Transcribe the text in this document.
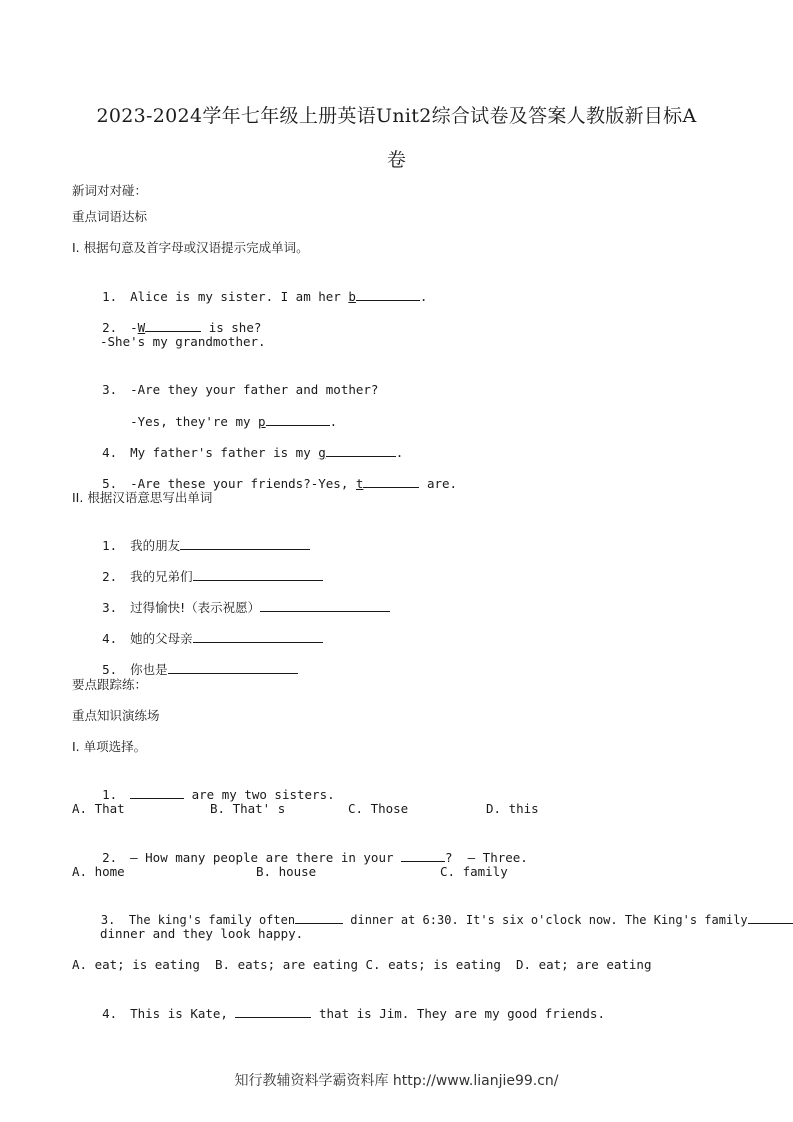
2023-2024学年七年级上册英语Unit2综合试卷及答案人教版新目标A
卷
新词对对碰：
重点词语达标
I. 根据句意及首字母或汉语提示完成单词。

1. Alice is my sister. I am her b	.

2. -W	is she?

-She's my grandmother.

3. -Are they your father and mother?

-Yes, they're my p	.

4. My father's father is my g	.

5. -Are these your friends?-Yes, t	are.

II. 根据汉语意思写出单词

1. 我的朋友

2. 我的兄弟们

3. 过得愉快!（表示祝愿）

4. 她的父母亲

5. 你也是

要点跟踪练：
重点知识演练场
I. 单项选择。

1.	are my two sisters.

A. That	B. That' s	C. Those	D. this

2. — How many people are there in your	?  — Three.

A. home	B. house	C. family

3. The king's family often	dinner at 6:30. It's six o'clock now. The King's family

dinner and they look happy.
A. eat; is eating  B. eats; are eating C. eats; is eating  D. eat; are eating

4. This is Kate,	that is Jim. They are my good friends.

知行教辅资料学霸资料库 http://www.lianjie99.cn/
